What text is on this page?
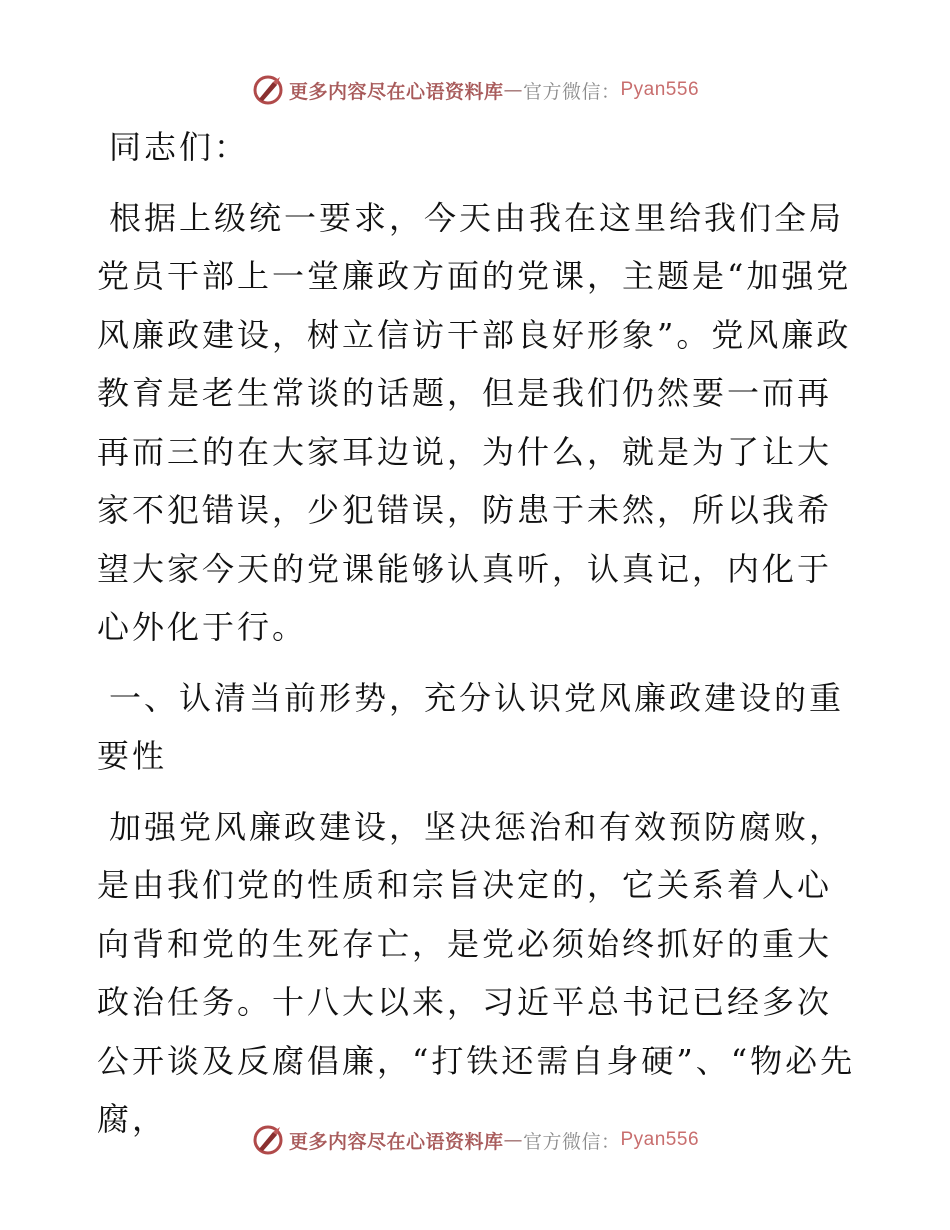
更多内容尽在心语资料库 — 官方微信： Pyan556

同志们：

根据上级统一要求，今天由我在这里给我们全局党员干部上一堂廉政方面的党课，主题是“加强党风廉政建设，树立信访干部良好形象”。党风廉政教育是老生常谈的话题，但是我们仍然要一而再再而三的在大家耳边说，为什么，就是为了让大家不犯错误，少犯错误，防患于未然，所以我希望大家今天的党课能够认真听，认真记，内化于心外化于行。

一、认清当前形势，充分认识党风廉政建设的重要性

加强党风廉政建设，坚决惩治和有效预防腐败，是由我们党的性质和宗旨决定的，它关系着人心向背和党的生死存亡，是党必须始终抓好的重大政治任务。十八大以来，习近平总书记已经多次公开谈及反腐倡廉，“打铁还需自身硬”、“物必先腐，

更多内容尽在心语资料库 — 官方微信： Pyan556
